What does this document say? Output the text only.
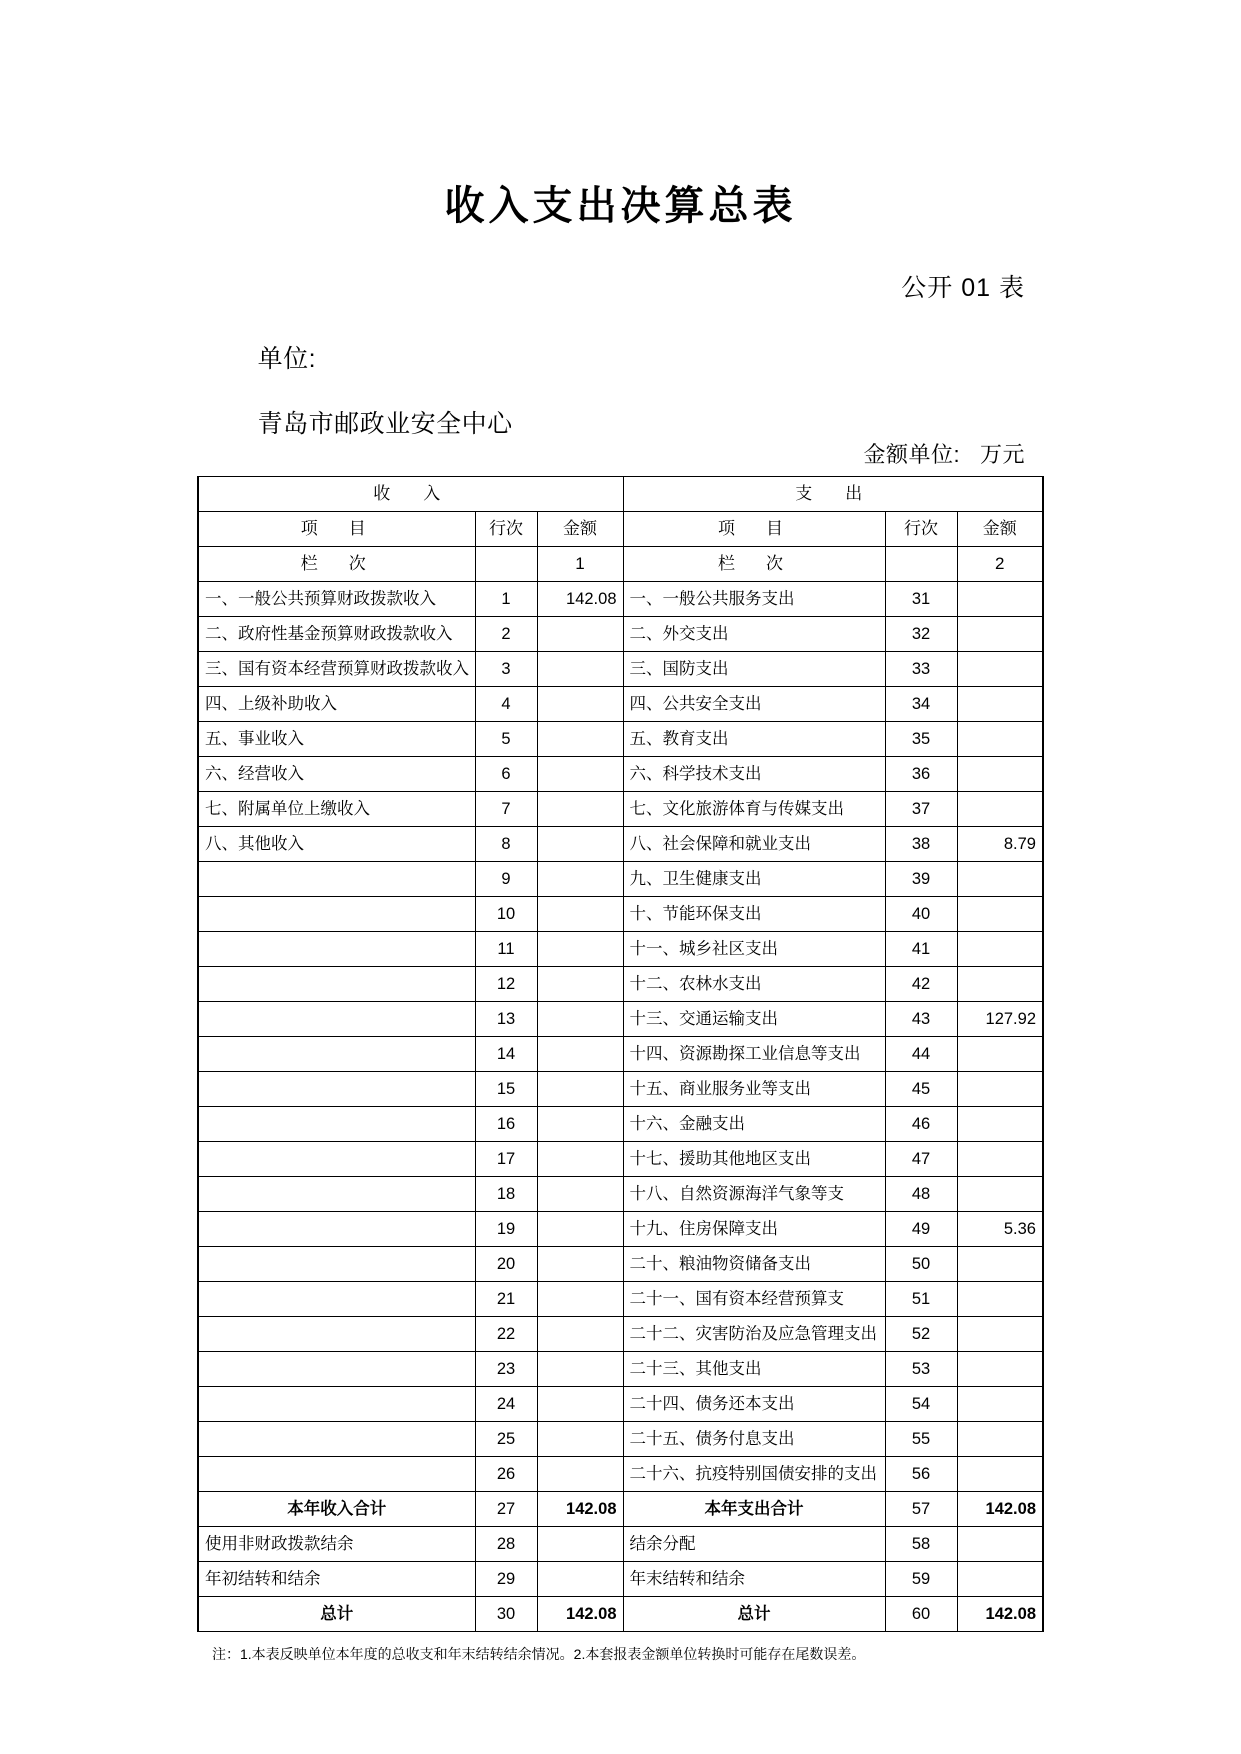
收入支出决算总表
公开 01 表

单位:

青岛市邮政业安全中心

金额单位: 万元
收　入			支　出		
项　目	行次	金额	项　目	行次	金额
栏　次		1	栏　次		2
一、一般公共预算财政拨款收入	1	142.08	一、一般公共服务支出	31	
二、政府性基金预算财政拨款收入	2		二、外交支出	32	
三、国有资本经营预算财政拨款收入	3		三、国防支出	33	
四、上级补助收入	4		四、公共安全支出	34	
五、事业收入	5		五、教育支出	35	
六、经营收入	6		六、科学技术支出	36	
七、附属单位上缴收入	7		七、文化旅游体育与传媒支出	37	
八、其他收入	8		八、社会保障和就业支出	38	8.79
	9		九、卫生健康支出	39	
	10		十、节能环保支出	40	
	11		十一、城乡社区支出	41	
	12		十二、农林水支出	42	
	13		十三、交通运输支出	43	127.92
	14		十四、资源勘探工业信息等支出	44	
	15		十五、商业服务业等支出	45	
	16		十六、金融支出	46	
	17		十七、援助其他地区支出	47	
	18		十八、自然资源海洋气象等支	48	
	19		十九、住房保障支出	49	5.36
	20		二十、粮油物资储备支出	50	
	21		二十一、国有资本经营预算支	51	
	22		二十二、灾害防治及应急管理支出	52	
	23		二十三、其他支出	53	
	24		二十四、债务还本支出	54	
	25		二十五、债务付息支出	55	
	26		二十六、抗疫特别国债安排的支出	56	
本年收入合计	27	142.08	本年支出合计	57	142.08
使用非财政拨款结余	28		结余分配	58	
年初结转和结余	29		年末结转和结余	59	
总计	30	142.08	总计	60	142.08
注：1.本表反映单位本年度的总收支和年末结转结余情况。2.本套报表金额单位转换时可能存在尾数误差。
